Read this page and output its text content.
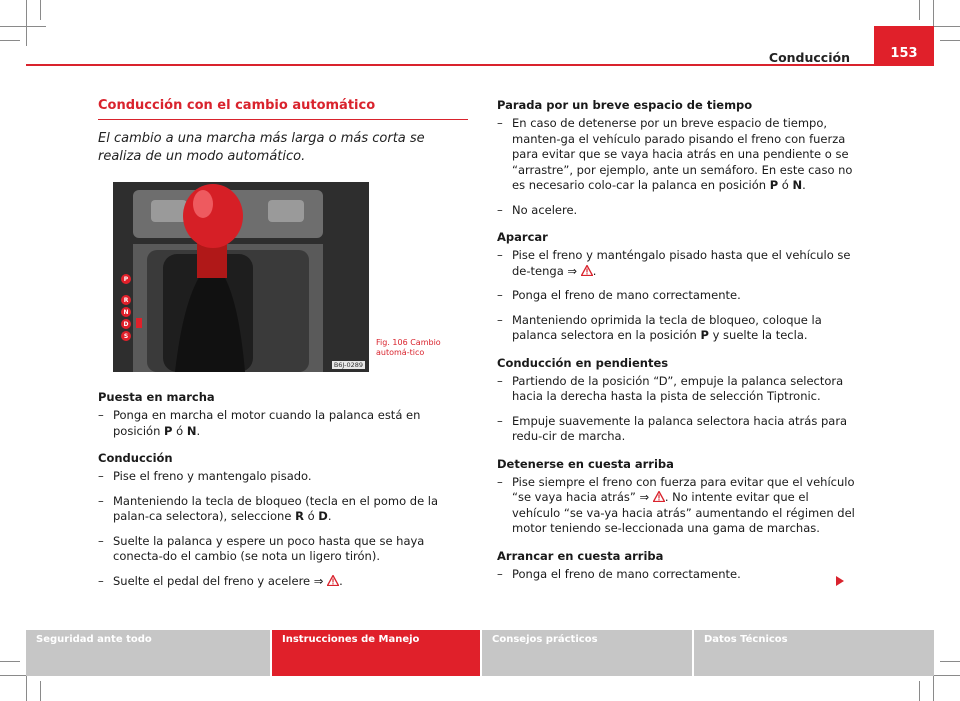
Conducción	153
Conducción con el cambio automático

El cambio a una marcha más larga o más corta se realiza de un modo automático.

P
R
N
D
S
B6J-0289
Fig. 106 Cambio automá-tico
Puesta en marcha
– Ponga en marcha el motor cuando la palanca está en posición P ó N.
Conducción
– Pise el freno y mantengalo pisado.
– Manteniendo la tecla de bloqueo (tecla en el pomo de la palan-ca selectora), seleccione R ó D.
– Suelte la palanca y espere un poco hasta que se haya conecta-do el cambio (se nota un ligero tirón).
– Suelte el pedal del freno y acelere ⇒ .
Parada por un breve espacio de tiempo
– En caso de detenerse por un breve espacio de tiempo, manten-ga el vehículo parado pisando el freno con fuerza para evitar que se vaya hacia atrás en una pendiente o se “arrastre”, por ejemplo, ante un semáforo. En este caso no es necesario colo-car la palanca en posición P ó N.
– No acelere.
Aparcar
– Pise el freno y manténgalo pisado hasta que el vehículo se de-tenga ⇒ .
– Ponga el freno de mano correctamente.
– Manteniendo oprimida la tecla de bloqueo, coloque la palanca selectora en la posición P y suelte la tecla.
Conducción en pendientes
– Partiendo de la posición “D”, empuje la palanca selectora hacia la derecha hasta la pista de selección Tiptronic.
– Empuje suavemente la palanca selectora hacia atrás para redu-cir de marcha.
Detenerse en cuesta arriba
– Pise siempre el freno con fuerza para evitar que el vehículo “se vaya hacia atrás” ⇒ . No intente evitar que el vehículo “se va-ya hacia atrás” aumentando el régimen del motor teniendo se-leccionada una gama de marchas.
Arrancar en cuesta arriba
– Ponga el freno de mano correctamente.
Seguridad ante todo	Instrucciones de Manejo	Consejos prácticos	Datos Técnicos
